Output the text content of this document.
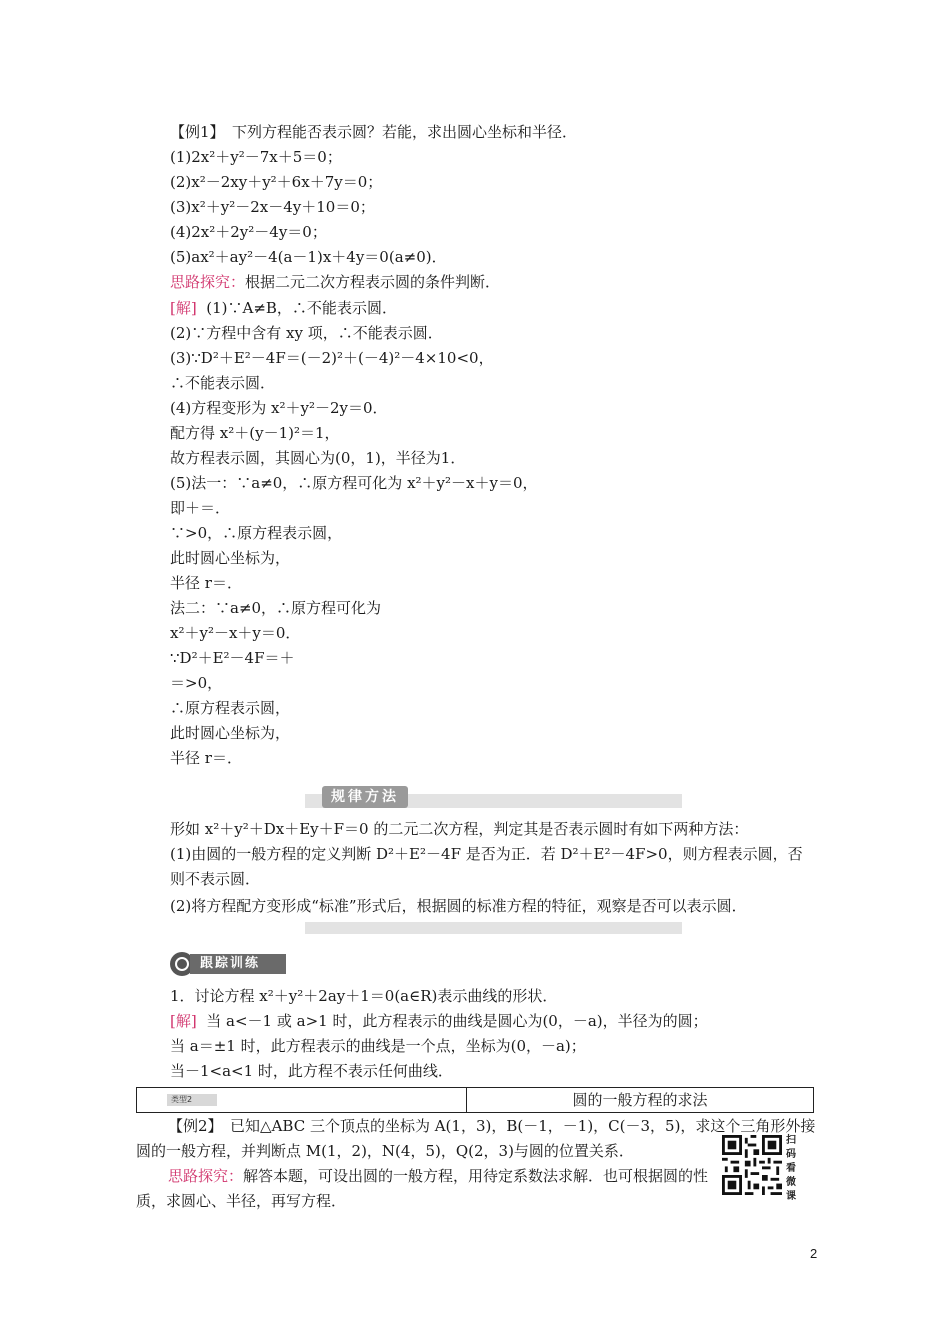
【例1】　下列方程能否表示圆？若能，求出圆心坐标和半径．
(1)2x²＋y²－7x＋5＝0；
(2)x²－2xy＋y²＋6x＋7y＝0；
(3)x²＋y²－2x－4y＋10＝0；
(4)2x²＋2y²－4y＝0；
(5)ax²＋ay²－4(a－1)x＋4y＝0(a≠0)．
思路探究：根据二元二次方程表示圆的条件判断．
[解] (1)∵A≠B，∴不能表示圆．
(2)∵方程中含有 xy 项，∴不能表示圆．
(3)∵D²＋E²－4F＝(－2)²＋(－4)²－4×10<0，
∴不能表示圆．
(4)方程变形为 x²＋y²－2y＝0．
配方得 x²＋(y－1)²＝1，
故方程表示圆，其圆心为(0，1)，半径为1．
(5)法一：∵a≠0，∴原方程可化为 x²＋y²－x＋y＝0，
即＋＝．
∵>0，∴原方程表示圆，
此时圆心坐标为，
半径 r＝．
法二：∵a≠0，∴原方程可化为
x²＋y²－x＋y＝0．
∵D²＋E²－4F＝＋
＝>0，
∴原方程表示圆，
此时圆心坐标为，
半径 r＝．
规律方法
形如 x²＋y²＋Dx＋Ey＋F＝0 的二元二次方程，判定其是否表示圆时有如下两种方法：
(1)由圆的一般方程的定义判断 D²＋E²－4F 是否为正．若 D²＋E²－4F>0，则方程表示圆，否则不表示圆．
(2)将方程配方变形成“标准”形式后，根据圆的标准方程的特征，观察是否可以表示圆．
跟踪训练
1．讨论方程 x²＋y²＋2ay＋1＝0(a∈R)表示曲线的形状．
[解] 当 a<－1 或 a>1 时，此方程表示的曲线是圆心为(0，－a)，半径为的圆；
当 a＝±1 时，此方程表示的曲线是一个点，坐标为(0，－a)；
当－1<a<1 时，此方程不表示任何曲线．
类型2	圆的一般方程的求法
【例2】　已知△ABC 三个顶点的坐标为 A(1，3)，B(－1，－1)，C(－3，5)，求这个三角形外接圆的一般方程，并判断点 M(1，2)，N(4，5)，Q(2，3)与圆的位置关系．
思路探究：解答本题，可设出圆的一般方程，用待定系数法求解．也可根据圆的性质，求圆心、半径，再写方程．
扫码看微课
2
